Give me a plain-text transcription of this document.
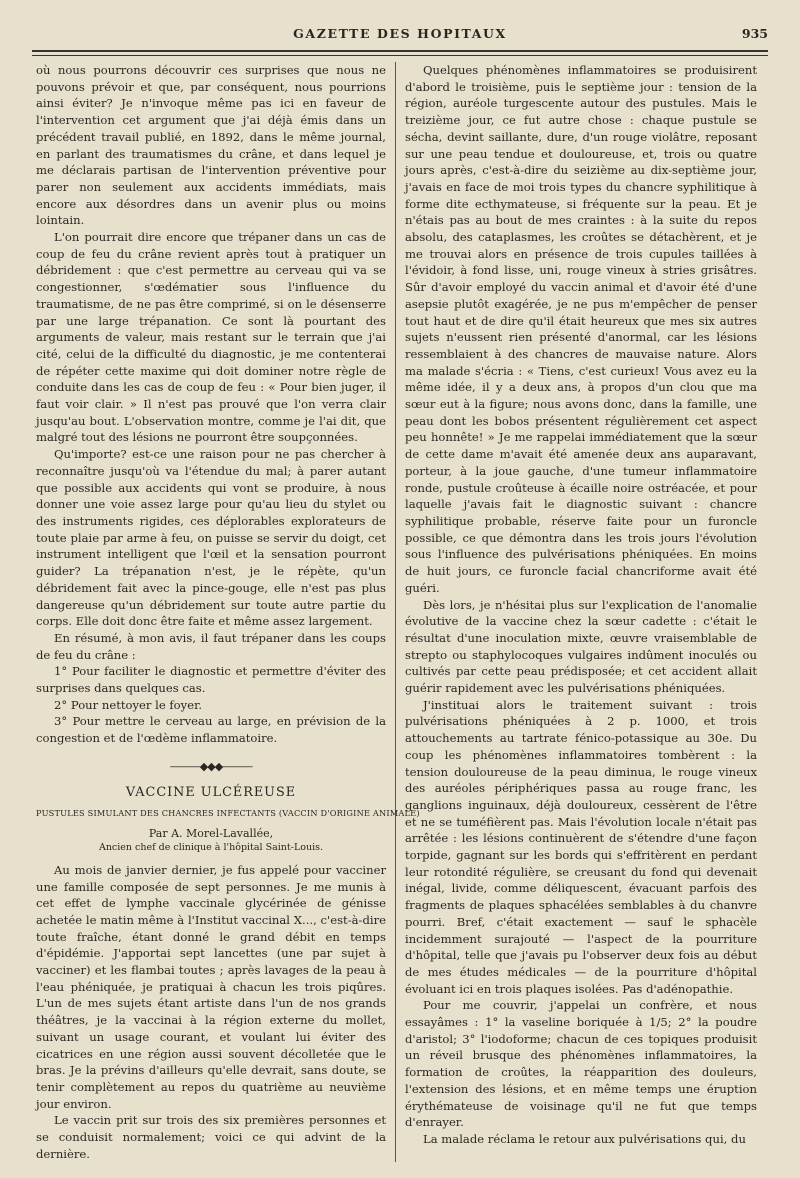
GAZETTE DES HOPITAUX	935

où nous pourrons découvrir ces surprises que nous ne pouvons prévoir et que, par conséquent, nous pourrions ainsi éviter? Je n'invoque même pas ici en faveur de l'intervention cet argument que j'ai déjà émis dans un précédent travail publié, en 1892, dans le même journal, en parlant des traumatismes du crâne, et dans lequel je me déclarais partisan de l'intervention préventive pour parer non seulement aux accidents immédiats, mais encore aux désordres dans un avenir plus ou moins lointain.

L'on pourrait dire encore que trépaner dans un cas de coup de feu du crâne revient après tout à pratiquer un débridement : que c'est permettre au cerveau qui va se congestionner, s'œdématier sous l'influence du traumatisme, de ne pas être comprimé, si on le désenserre par une large trépanation. Ce sont là pourtant des arguments de valeur, mais restant sur le terrain que j'ai cité, celui de la difficulté du diagnostic, je me contenterai de répéter cette maxime qui doit dominer notre règle de conduite dans les cas de coup de feu : « Pour bien juger, il faut voir clair. » Il n'est pas prouvé que l'on verra clair jusqu'au bout. L'observation montre, comme je l'ai dit, que malgré tout des lésions ne pourront être soupçonnées.

Qu'importe? est-ce une raison pour ne pas chercher à reconnaître jusqu'où va l'étendue du mal; à parer autant que possible aux accidents qui vont se produire, à nous donner une voie assez large pour qu'au lieu du stylet ou des instruments rigides, ces déplorables explorateurs de toute plaie par arme à feu, on puisse se servir du doigt, cet instrument intelligent que l'œil et la sensation pourront guider? La trépanation n'est, je le répète, qu'un débridement fait avec la pince-gouge, elle n'est pas plus dangereuse qu'un débridement sur toute autre partie du corps. Elle doit donc être faite et même assez largement.

En résumé, à mon avis, il faut trépaner dans les coups de feu du crâne :

1° Pour faciliter le diagnostic et permettre d'éviter des surprises dans quelques cas.

2° Pour nettoyer le foyer.

3° Pour mettre le cerveau au large, en prévision de la congestion et de l'œdème inflammatoire.

———◆◆◆———
VACCINE ULCÉREUSE
PUSTULES SIMULANT DES CHANCRES INFECTANTS (VACCIN D'ORIGINE ANIMALE)
Par A. Morel-Lavallée,
Ancien chef de clinique à l'hôpital Saint-Louis.

Au mois de janvier dernier, je fus appelé pour vacciner une famille composée de sept personnes. Je me munis à cet effet de lymphe vaccinale glycérinée de génisse achetée le matin même à l'Institut vaccinal X..., c'est-à-dire toute fraîche, étant donné le grand débit en temps d'épidémie. J'apportai sept lancettes (une par sujet à vacciner) et les flambai toutes ; après lavages de la peau à l'eau phéniquée, je pratiquai à chacun les trois piqûres. L'un de mes sujets étant artiste dans l'un de nos grands théâtres, je la vaccinai à la région externe du mollet, suivant un usage courant, et voulant lui éviter des cicatrices en une région aussi souvent décolletée que le bras. Je la prévins d'ailleurs qu'elle devrait, sans doute, se tenir complètement au repos du quatrième au neuvième jour environ.

Le vaccin prit sur trois des six premières personnes et se conduisit normalement; voici ce qui advint de la dernière.

Quelques phénomènes inflammatoires se produisirent d'abord le troisième, puis le septième jour : tension de la région, auréole turgescente autour des pustules. Mais le treizième jour, ce fut autre chose : chaque pustule se sécha, devint saillante, dure, d'un rouge violâtre, reposant sur une peau tendue et douloureuse, et, trois ou quatre jours après, c'est-à-dire du seizième au dix-septième jour, j'avais en face de moi trois types du chancre syphilitique à forme dite ecthymateuse, si fréquente sur la peau. Et je n'étais pas au bout de mes craintes : à la suite du repos absolu, des cataplasmes, les croûtes se détachèrent, et je me trouvai alors en présence de trois cupules taillées à l'évidoir, à fond lisse, uni, rouge vineux à stries grisâtres. Sûr d'avoir employé du vaccin animal et d'avoir été d'une asepsie plutôt exagérée, je ne pus m'empêcher de penser tout haut et de dire qu'il était heureux que mes six autres sujets n'eussent rien présenté d'anormal, car les lésions ressemblaient à des chancres de mauvaise nature. Alors ma malade s'écria : « Tiens, c'est curieux! Vous avez eu la même idée, il y a deux ans, à propos d'un clou que ma sœur eut à la figure; nous avons donc, dans la famille, une peau dont les bobos présentent régulièrement cet aspect peu honnête! » Je me rappelai immédiatement que la sœur de cette dame m'avait été amenée deux ans auparavant, porteur, à la joue gauche, d'une tumeur inflammatoire ronde, pustule croûteuse à écaille noire ostréacée, et pour laquelle j'avais fait le diagnostic suivant : chancre syphilitique probable, réserve faite pour un furoncle possible, ce que démontra dans les trois jours l'évolution sous l'influence des pulvérisations phéniquées. En moins de huit jours, ce furoncle facial chancriforme avait été guéri.

Dès lors, je n'hésitai plus sur l'explication de l'anomalie évolutive de la vaccine chez la sœur cadette : c'était le résultat d'une inoculation mixte, œuvre vraisemblable de strepto ou staphylocoques vulgaires indûment inoculés ou cultivés par cette peau prédisposée; et cet accident allait guérir rapidement avec les pulvérisations phéniquées.

J'instituai alors le traitement suivant : trois pulvérisations phéniquées à 2 p. 1000, et trois attouchements au tartrate fénico-potassique au 30e. Du coup les phénomènes inflammatoires tombèrent : la tension douloureuse de la peau diminua, le rouge vineux des auréoles périphériques passa au rouge franc, les ganglions inguinaux, déjà douloureux, cessèrent de l'être et ne se tuméfièrent pas. Mais l'évolution locale n'était pas arrêtée : les lésions continuèrent de s'étendre d'une façon torpide, gagnant sur les bords qui s'effritèrent en perdant leur rotondité régulière, se creusant du fond qui devenait inégal, livide, comme déliquescent, évacuant parfois des fragments de plaques sphacélées semblables à du chanvre pourri. Bref, c'était exactement — sauf le sphacèle incidemment surajouté — l'aspect de la pourriture d'hôpital, telle que j'avais pu l'observer deux fois au début de mes études médicales — de la pourriture d'hôpital évoluant ici en trois plaques isolées. Pas d'adénopathie.

Pour me couvrir, j'appelai un confrère, et nous essayâmes : 1° la vaseline boriquée à 1/5; 2° la poudre d'aristol; 3° l'iodoforme; chacun de ces topiques produisit un réveil brusque des phénomènes inflammatoires, la formation de croûtes, la réapparition des douleurs, l'extension des lésions, et en même temps une éruption érythémateuse de voisinage qu'il ne fut que temps d'enrayer.

La malade réclama le retour aux pulvérisations qui, du
